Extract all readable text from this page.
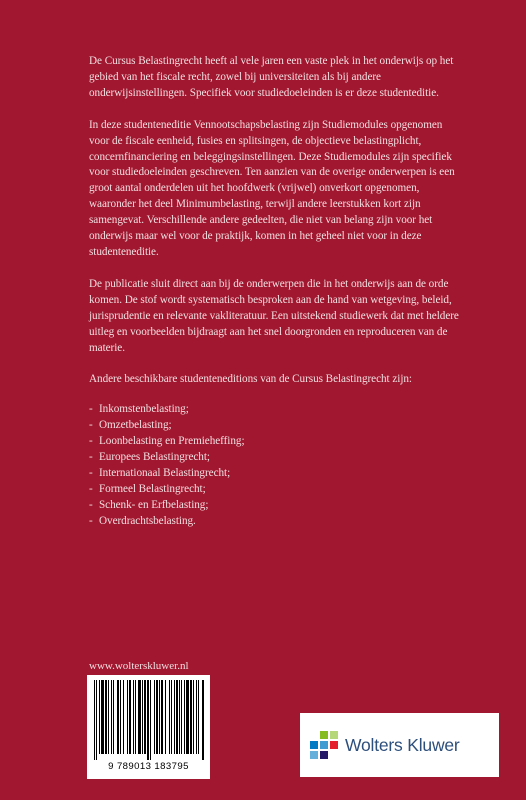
De Cursus Belastingrecht heeft al vele jaren een vaste plek in het onderwijs op het gebied van het fiscale recht, zowel bij universiteiten als bij andere onderwijsinstellingen. Specifiek voor studiedoeleinden is er deze studenteditie.

In deze studenteneditie Vennootschapsbelasting zijn Studiemodules opgenomen voor de fiscale eenheid, fusies en splitsingen, de objectieve belastingplicht, concernfinanciering en beleggingsinstellingen. Deze Studiemodules zijn specifiek voor studiedoeleinden geschreven. Ten aanzien van de overige onderwerpen is een groot aantal onderdelen uit het hoofdwerk (vrijwel) onverkort opgenomen, waaronder het deel Minimumbelasting, terwijl andere leerstukken kort zijn samengevat. Verschillende andere gedeelten, die niet van belang zijn voor het onderwijs maar wel voor de praktijk, komen in het geheel niet voor in deze studenteneditie.

De publicatie sluit direct aan bij de onderwerpen die in het onderwijs aan de orde komen. De stof wordt systematisch besproken aan de hand van wetgeving, beleid, jurisprudentie en relevante vakliteratuur. Een uitstekend studiewerk dat met heldere uitleg en voorbeelden bijdraagt aan het snel doorgronden en reproduceren van de materie.

Andere beschikbare studenteneditions van de Cursus Belastingrecht zijn:

- Inkomstenbelasting;
- Omzetbelasting;
- Loonbelasting en Premieheffing;
- Europees Belastingrecht;
- Internationaal Belastingrecht;
- Formeel Belastingrecht;
- Schenk- en Erfbelasting;
- Overdrachtsbelasting.
www.wolterskluwer.nl
9 789013 183795
Wolters Kluwer
